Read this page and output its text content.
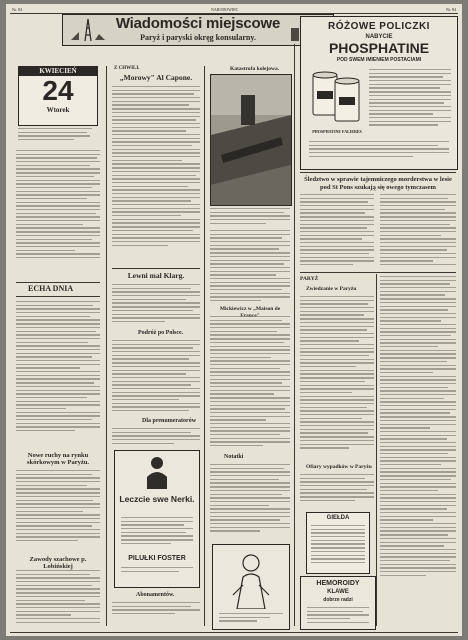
Nr. 84	NARODOWIEC	Nr. 84
Wiadomości miejscowe
Paryż i paryski okręg konsularny.
KWIECIEŃ
24
Wtorek
ECHA DNIA
Nowe ruchy na rynku skórkowym w Paryżu.
Zawody szachowe p. Lobińskiej
Z CHWILI.
„Morowy" Al Capone.
Lewni mal Klarg.
Podróż po Polsce.
Dla prenumeratorów
Leczcie swe Nerki.
PILUŁKI FOSTER
Abonamentów.
Katastrofa kolejowa.
Mickiewicz w „Maison de
Notatki
RÓŻOWE POLICZKI
NABYCIE
PHOSPHATINE
POD SWEM IMIENIEM POSTACIAMI
PHOSPHATINE FALIERES
Śledztwo w sprawie tajemniczego morderstwa w lesie pod St Pons szukają się owego tymczasem
PARYŻ
Zwiedzanie w Paryżu
Ofiary wypadków w Paryżu
GIEŁDA
HEMOROIDY
KLAWE
dobrze radzi
